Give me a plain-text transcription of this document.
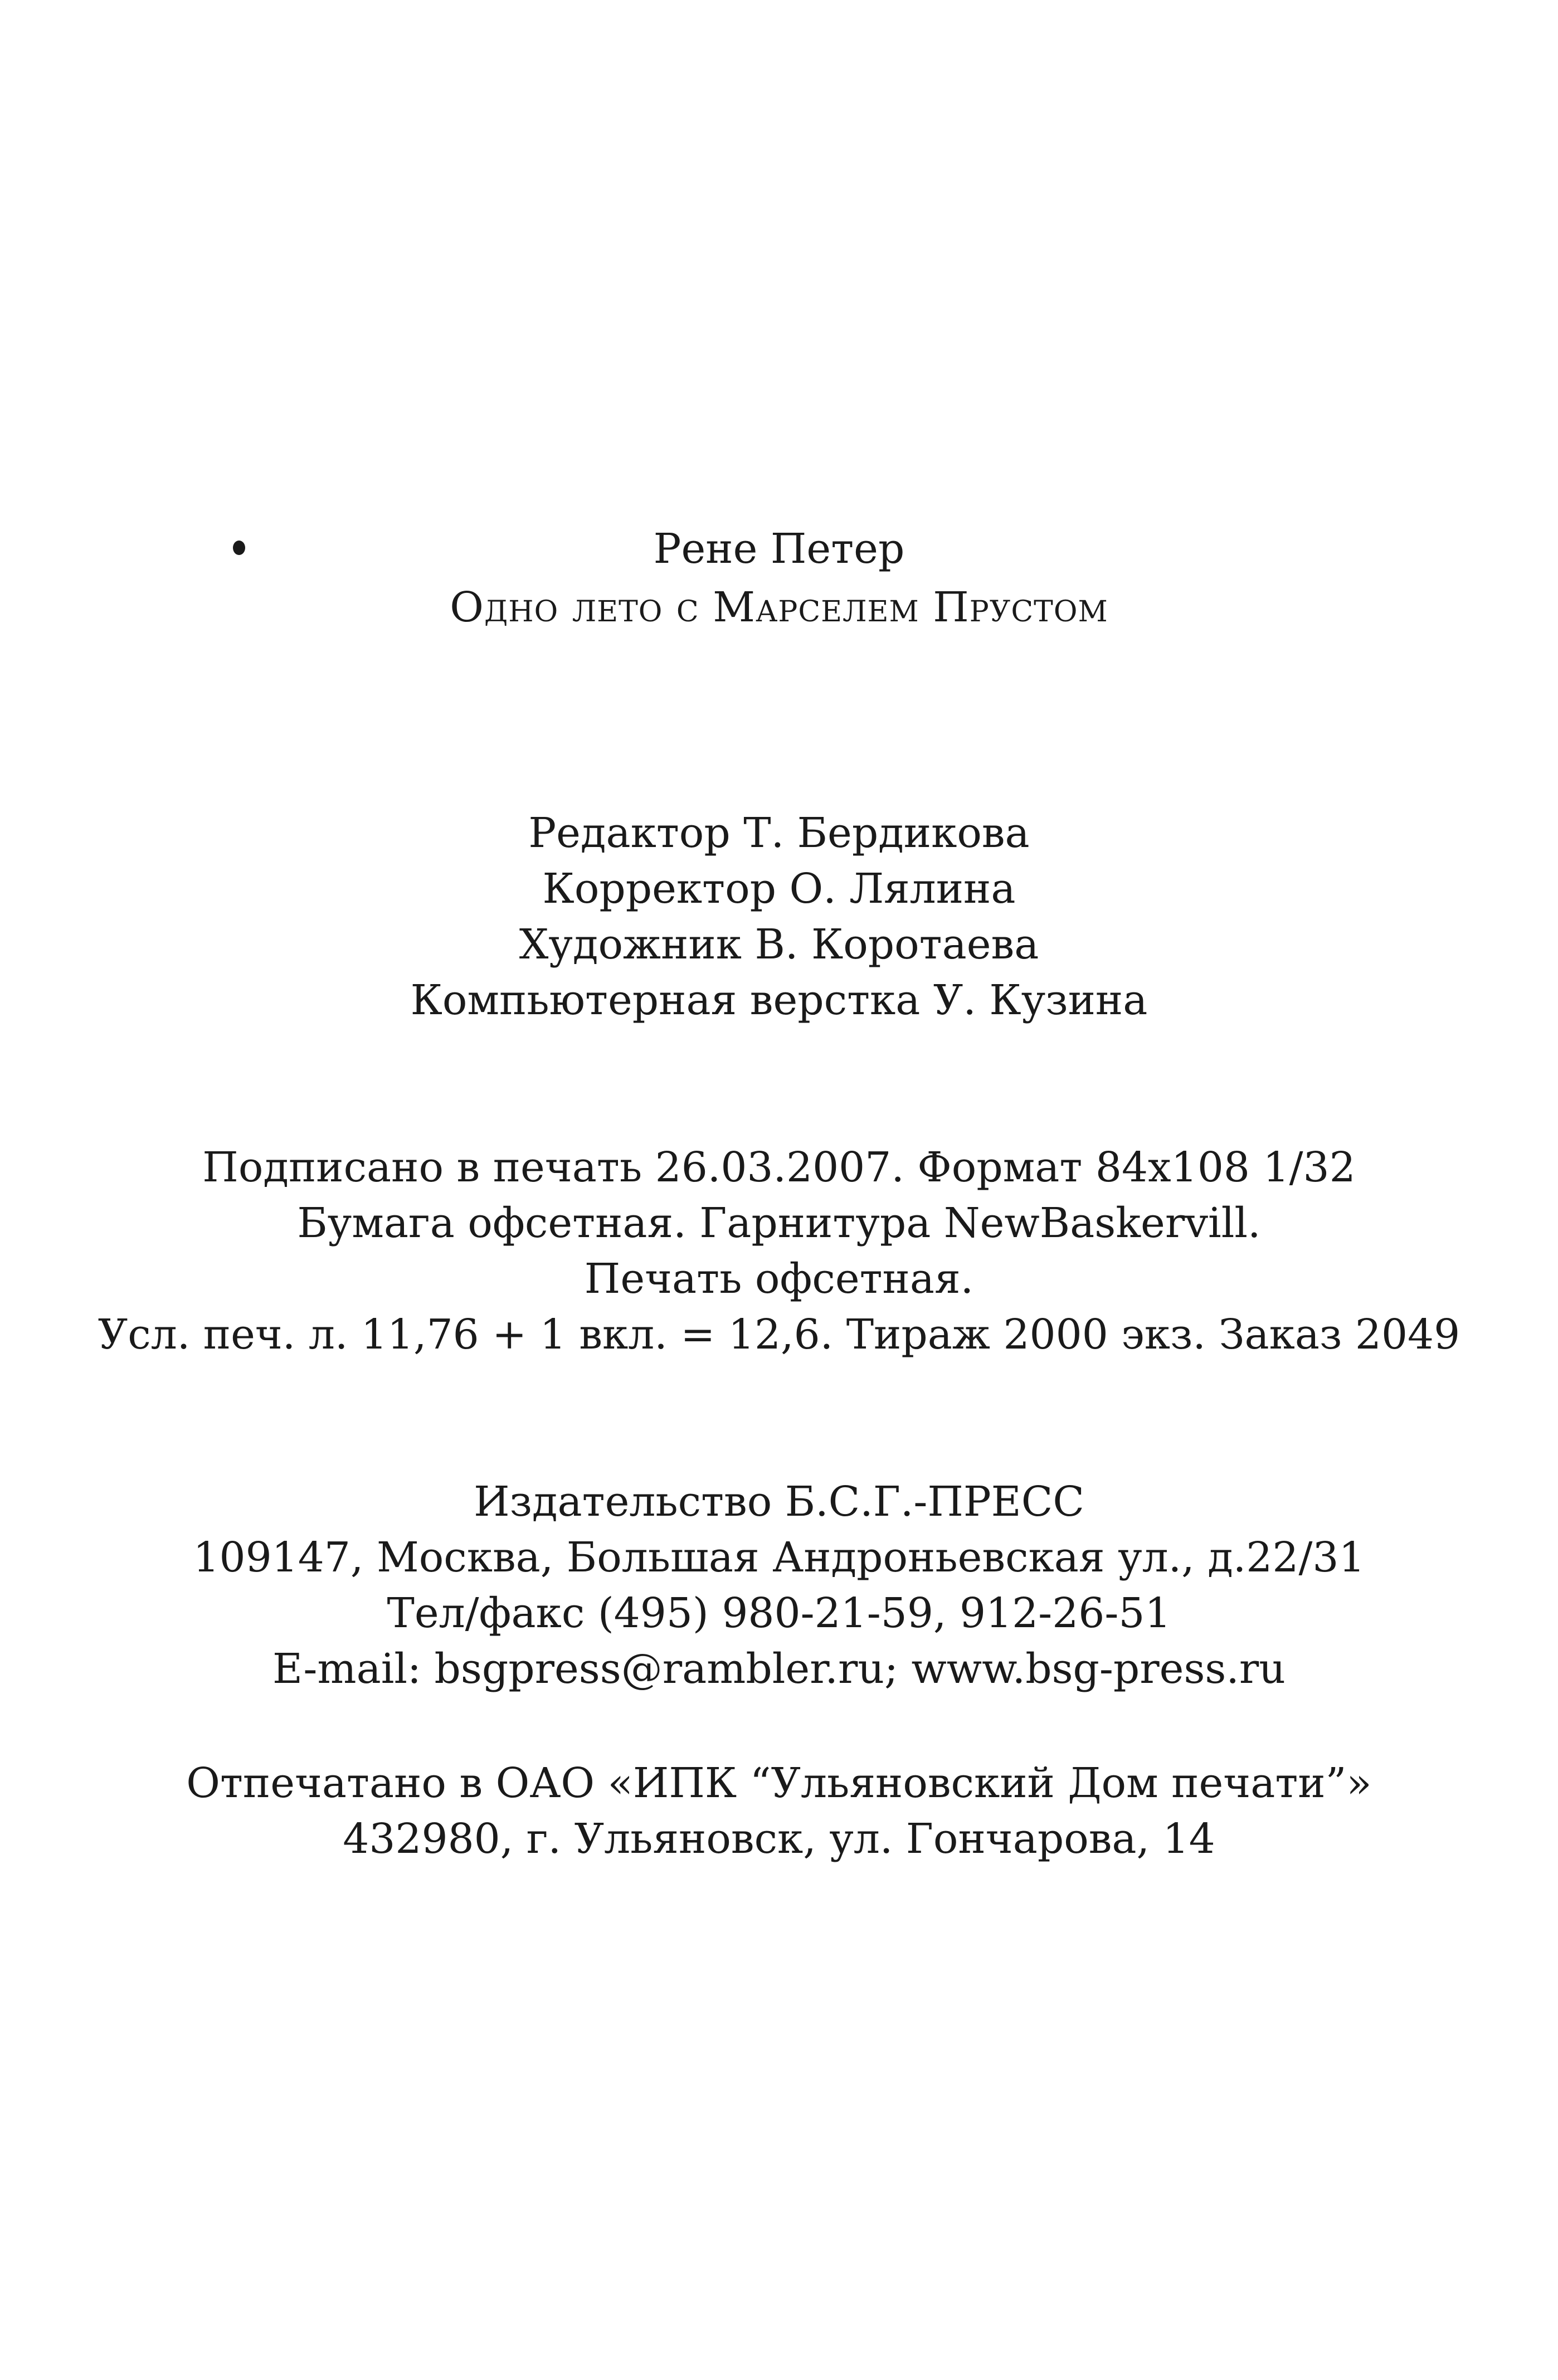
Рене Петер
Одно лето с Марселем Прустом
Редактор Т. Бердикова
Корректор О. Лялина
Художник В. Коротаева
Компьютерная верстка У. Кузина
Подписано в печать 26.03.2007. Формат 84x108 1/32
Бумага офсетная. Гарнитура NewBaskervill.
Печать офсетная.
Усл. печ. л. 11,76 + 1 вкл. = 12,6. Тираж 2000 экз. Заказ 2049
Издательство Б.С.Г.-ПРЕСС
109147, Москва, Большая Андроньевская ул., д.22/31
Тел/факс (495) 980-21-59, 912-26-51
E-mail: bsgpress@rambler.ru; www.bsg-press.ru
Отпечатано в ОАО «ИПК “Ульяновский Дом печати”»
432980, г. Ульяновск, ул. Гончарова, 14
